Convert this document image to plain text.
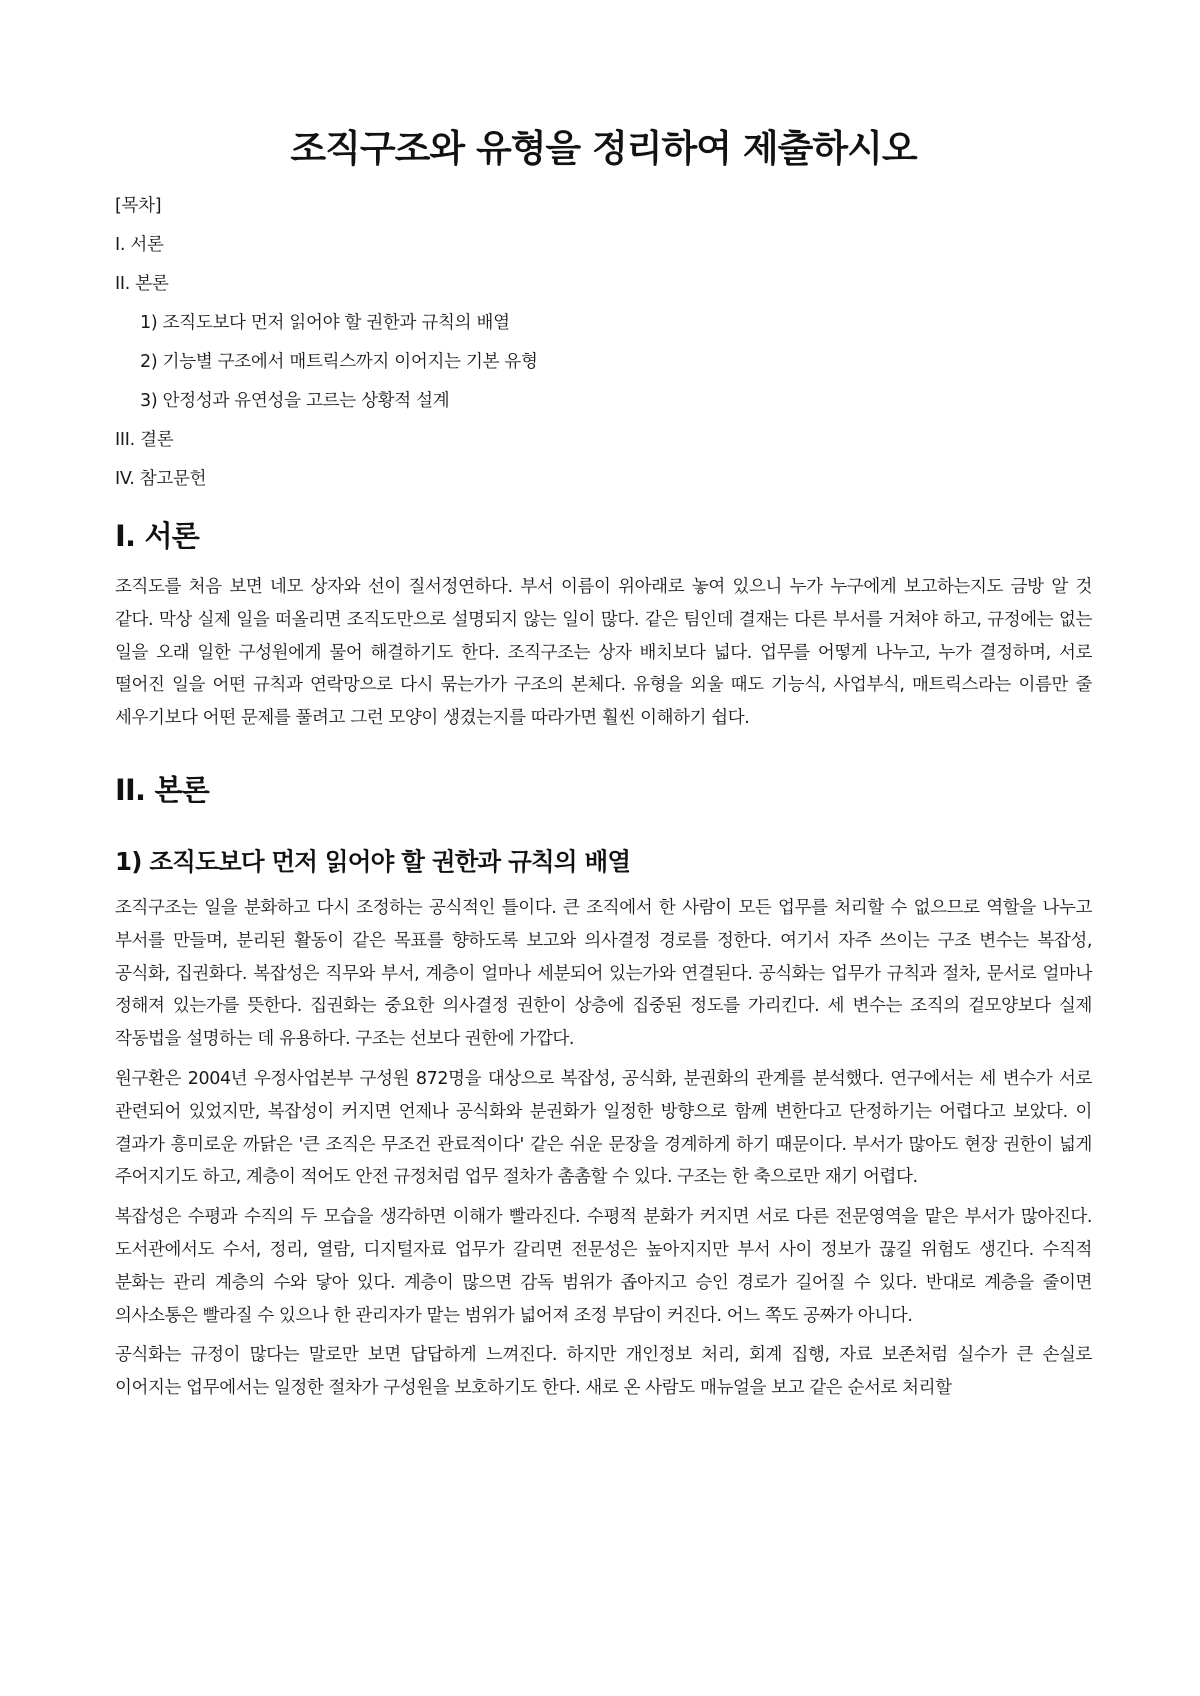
조직구조와 유형을 정리하여 제출하시오
[목차]
I. 서론
II. 본론
1) 조직도보다 먼저 읽어야 할 권한과 규칙의 배열
2) 기능별 구조에서 매트릭스까지 이어지는 기본 유형
3) 안정성과 유연성을 고르는 상황적 설계
III. 결론
IV. 참고문헌
I. 서론

조직도를 처음 보면 네모 상자와 선이 질서정연하다. 부서 이름이 위아래로 놓여 있으니 누가 누구에게 보고하는지도 금방 알 것 같다. 막상 실제 일을 떠올리면 조직도만으로 설명되지 않는 일이 많다. 같은 팀인데 결재는 다른 부서를 거쳐야 하고, 규정에는 없는 일을 오래 일한 구성원에게 물어 해결하기도 한다. 조직구조는 상자 배치보다 넓다. 업무를 어떻게 나누고, 누가 결정하며, 서로 떨어진 일을 어떤 규칙과 연락망으로 다시 묶는가가 구조의 본체다. 유형을 외울 때도 기능식, 사업부식, 매트릭스라는 이름만 줄 세우기보다 어떤 문제를 풀려고 그런 모양이 생겼는지를 따라가면 훨씬 이해하기 쉽다.

II. 본론
1) 조직도보다 먼저 읽어야 할 권한과 규칙의 배열

조직구조는 일을 분화하고 다시 조정하는 공식적인 틀이다. 큰 조직에서 한 사람이 모든 업무를 처리할 수 없으므로 역할을 나누고 부서를 만들며, 분리된 활동이 같은 목표를 향하도록 보고와 의사결정 경로를 정한다. 여기서 자주 쓰이는 구조 변수는 복잡성, 공식화, 집권화다. 복잡성은 직무와 부서, 계층이 얼마나 세분되어 있는가와 연결된다. 공식화는 업무가 규칙과 절차, 문서로 얼마나 정해져 있는가를 뜻한다. 집권화는 중요한 의사결정 권한이 상층에 집중된 정도를 가리킨다. 세 변수는 조직의 겉모양보다 실제 작동법을 설명하는 데 유용하다. 구조는 선보다 권한에 가깝다.

원구환은 2004년 우정사업본부 구성원 872명을 대상으로 복잡성, 공식화, 분권화의 관계를 분석했다. 연구에서는 세 변수가 서로 관련되어 있었지만, 복잡성이 커지면 언제나 공식화와 분권화가 일정한 방향으로 함께 변한다고 단정하기는 어렵다고 보았다. 이 결과가 흥미로운 까닭은 '큰 조직은 무조건 관료적이다' 같은 쉬운 문장을 경계하게 하기 때문이다. 부서가 많아도 현장 권한이 넓게 주어지기도 하고, 계층이 적어도 안전 규정처럼 업무 절차가 촘촘할 수 있다. 구조는 한 축으로만 재기 어렵다.

복잡성은 수평과 수직의 두 모습을 생각하면 이해가 빨라진다. 수평적 분화가 커지면 서로 다른 전문영역을 맡은 부서가 많아진다. 도서관에서도 수서, 정리, 열람, 디지털자료 업무가 갈리면 전문성은 높아지지만 부서 사이 정보가 끊길 위험도 생긴다. 수직적 분화는 관리 계층의 수와 닿아 있다. 계층이 많으면 감독 범위가 좁아지고 승인 경로가 길어질 수 있다. 반대로 계층을 줄이면 의사소통은 빨라질 수 있으나 한 관리자가 맡는 범위가 넓어져 조정 부담이 커진다. 어느 쪽도 공짜가 아니다.

공식화는 규정이 많다는 말로만 보면 답답하게 느껴진다. 하지만 개인정보 처리, 회계 집행, 자료 보존처럼 실수가 큰 손실로 이어지는 업무에서는 일정한 절차가 구성원을 보호하기도 한다. 새로 온 사람도 매뉴얼을 보고 같은 순서로 처리할
